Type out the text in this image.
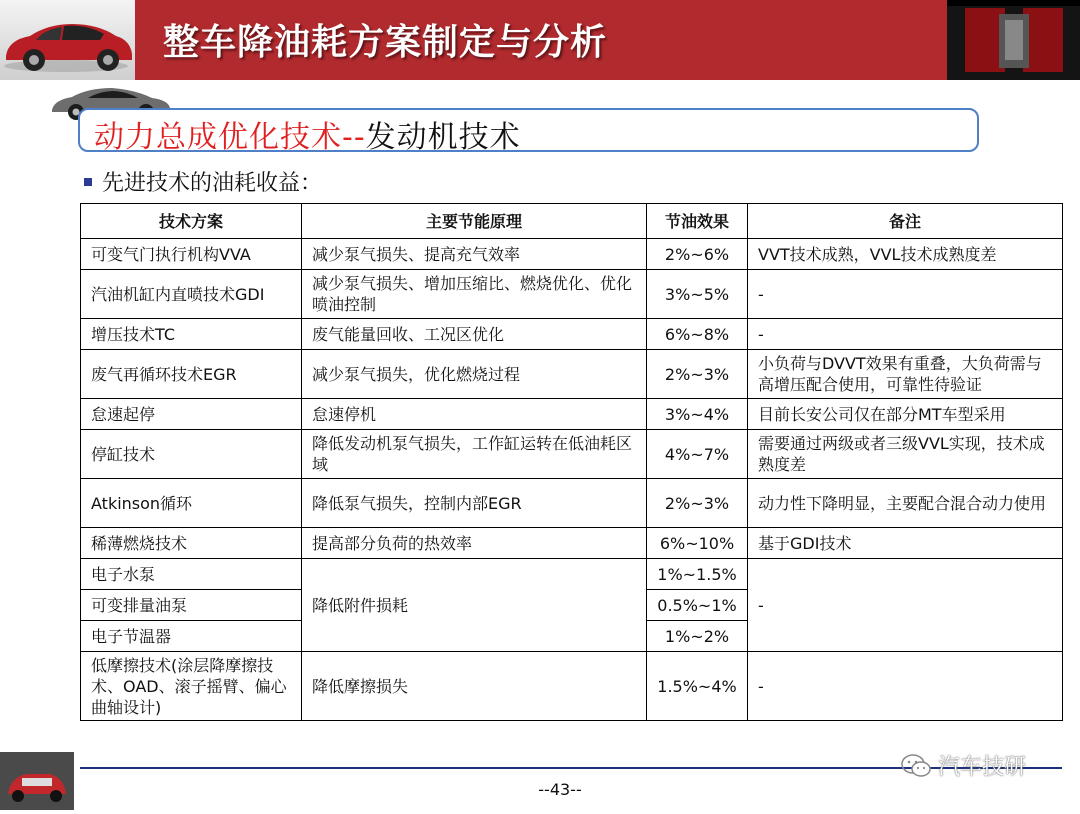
整车降油耗方案制定与分析
动力总成优化技术--发动机技术
先进技术的油耗收益：
技术方案	主要节能原理	节油效果	备注
可变气门执行机构VVA	减少泵气损失、提高充气效率	2%~6%	VVT技术成熟，VVL技术成熟度差
汽油机缸内直喷技术GDI	减少泵气损失、增加压缩比、燃烧优化、优化喷油控制	3%~5%	-
增压技术TC	废气能量回收、工况区优化	6%~8%	-
废气再循环技术EGR	减少泵气损失，优化燃烧过程	2%~3%	小负荷与DVVT效果有重叠，大负荷需与高增压配合使用，可靠性待验证
怠速起停	怠速停机	3%~4%	目前长安公司仅在部分MT车型采用
停缸技术	降低发动机泵气损失，工作缸运转在低油耗区域	4%~7%	需要通过两级或者三级VVL实现，技术成熟度差
Atkinson循环	降低泵气损失，控制内部EGR	2%~3%	动力性下降明显，主要配合混合动力使用
稀薄燃烧技术	提高部分负荷的热效率	6%~10%	基于GDI技术
电子水泵	降低附件损耗	1%~1.5%	-
可变排量油泵		0.5%~1%	
电子节温器		1%~2%	
低摩擦技术(涂层降摩擦技术、OAD、滚子摇臂、偏心曲轴设计)	降低摩擦损失	1.5%~4%	-
--43--
汽车技研
